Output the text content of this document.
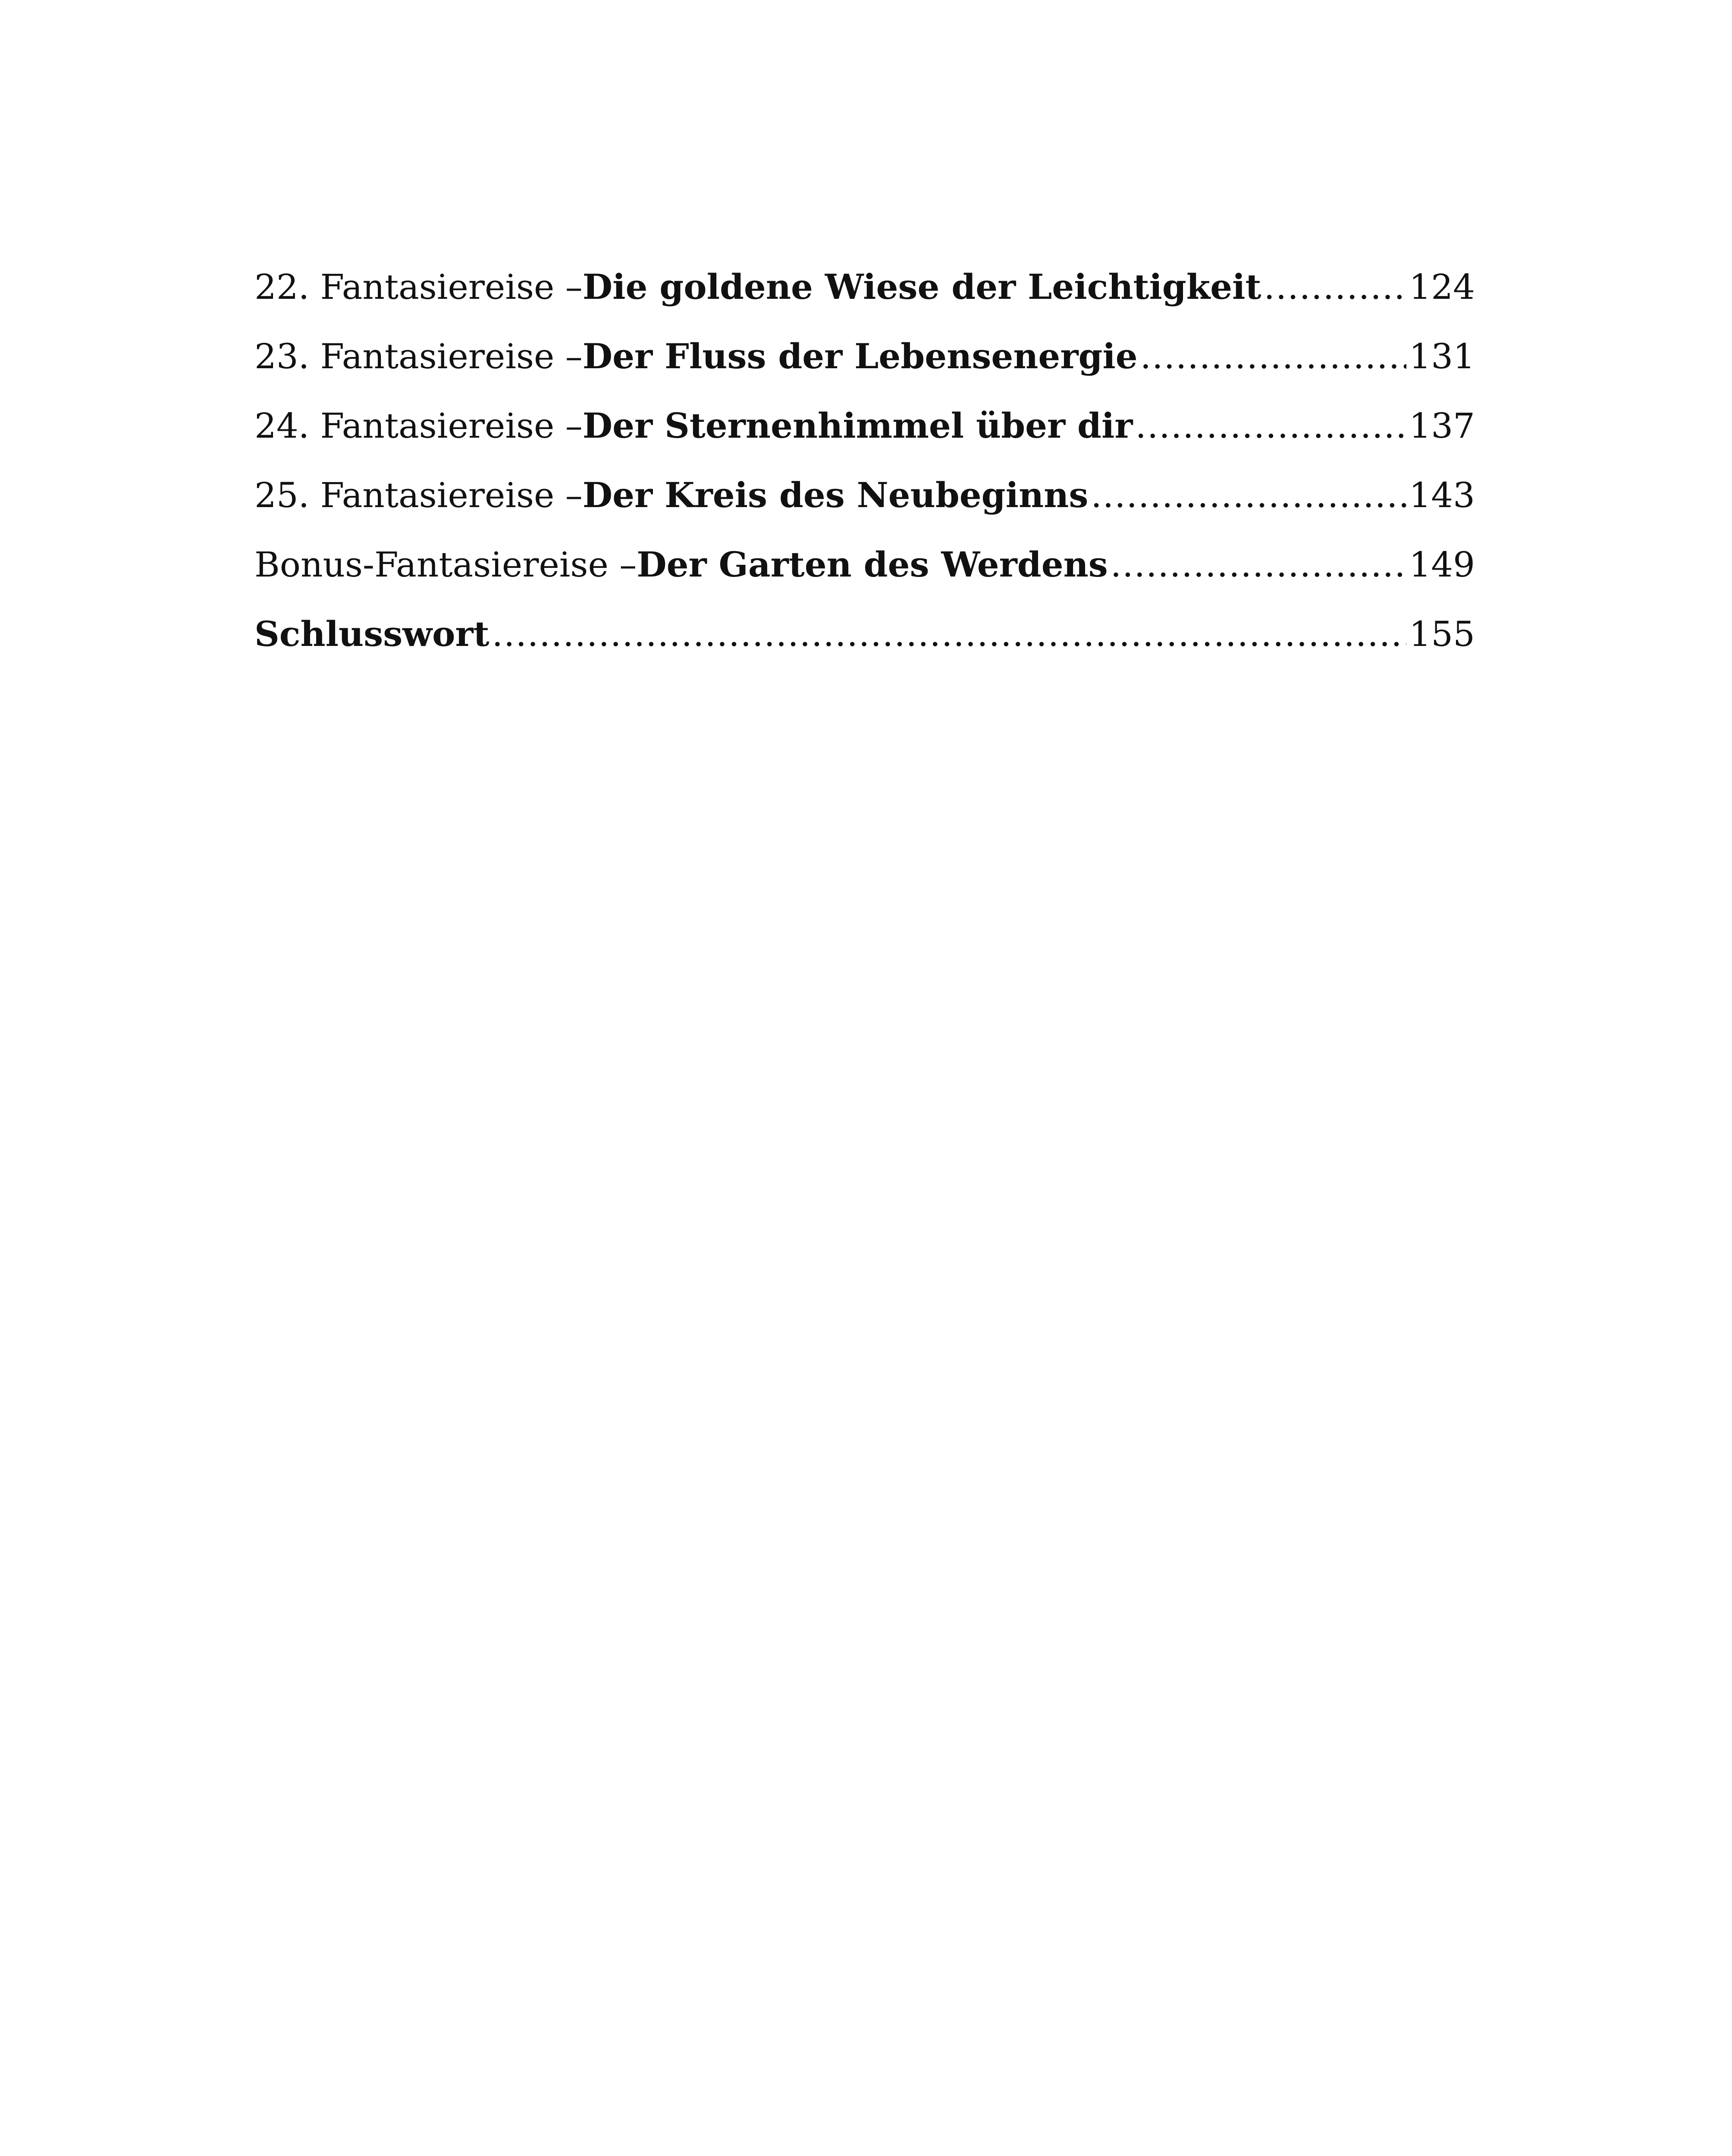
22. Fantasiereise – Die goldene Wiese der Leichtigkeit .....	124
23. Fantasiereise – Der Fluss der Lebensenergie .....	131
24. Fantasiereise – Der Sternenhimmel über dir .....	137
25. Fantasiereise – Der Kreis des Neubeginns .....	143
Bonus-Fantasiereise – Der Garten des Werdens .....	149
Schlusswort .....	155
